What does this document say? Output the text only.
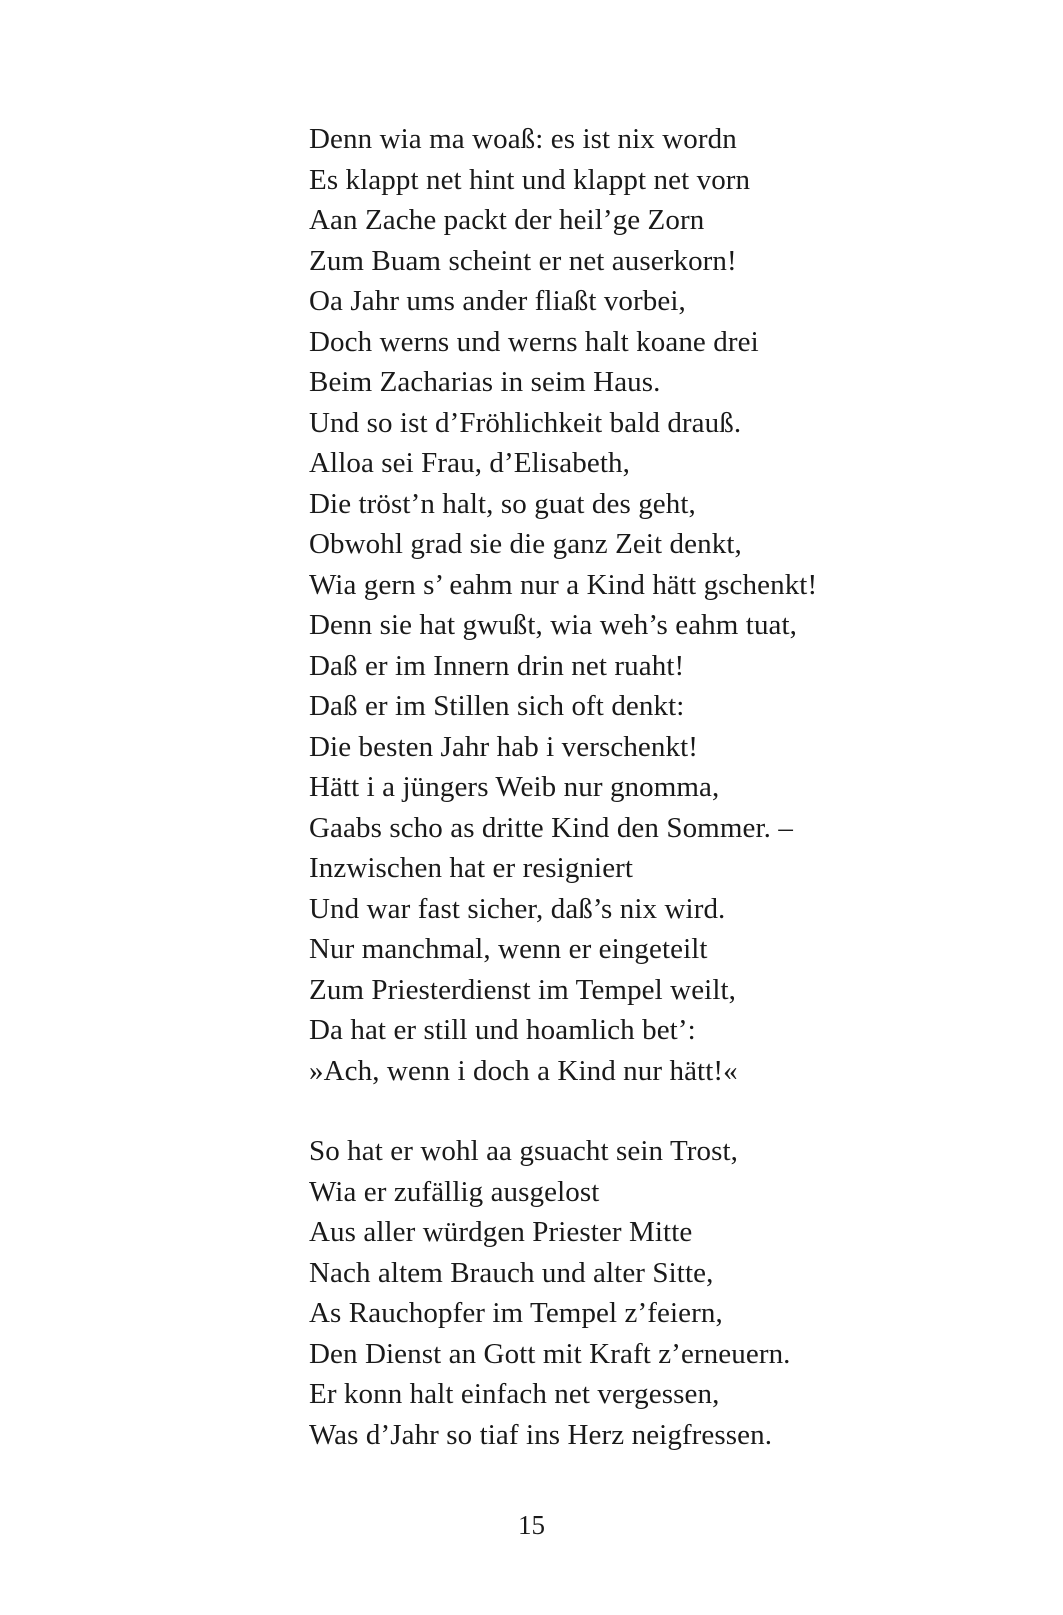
Denn wia ma woaß: es ist nix wordn
Es klappt net hint und klappt net vorn
Aan Zache packt der heil’ge Zorn
Zum Buam scheint er net auserkorn!
Oa Jahr ums ander fliaßt vorbei,
Doch werns und werns halt koane drei
Beim Zacharias in seim Haus.
Und so ist d’Fröhlichkeit bald drauß.
Alloa sei Frau, d’Elisabeth,
Die tröst’n halt, so guat des geht,
Obwohl grad sie die ganz Zeit denkt,
Wia gern s’ eahm nur a Kind hätt gschenkt!
Denn sie hat gwußt, wia weh’s eahm tuat,
Daß er im Innern drin net ruaht!
Daß er im Stillen sich oft denkt:
Die besten Jahr hab i verschenkt!
Hätt i a jüngers Weib nur gnomma,
Gaabs scho as dritte Kind den Sommer. –
Inzwischen hat er resigniert
Und war fast sicher, daß’s nix wird.
Nur manchmal, wenn er eingeteilt
Zum Priesterdienst im Tempel weilt,
Da hat er still und hoamlich bet’:
»Ach, wenn i doch a Kind nur hätt!«
So hat er wohl aa gsuacht sein Trost,
Wia er zufällig ausgelost
Aus aller würdgen Priester Mitte
Nach altem Brauch und alter Sitte,
As Rauchopfer im Tempel z’feiern,
Den Dienst an Gott mit Kraft z’erneuern.
Er konn halt einfach net vergessen,
Was d’Jahr so tiaf ins Herz neigfressen.
15
